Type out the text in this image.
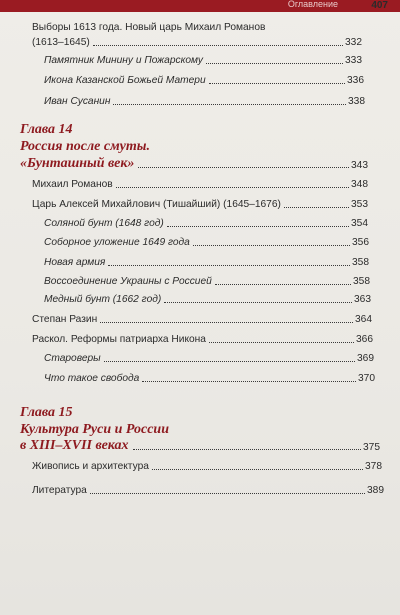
Оглавление	407
Выборы 1613 года. Новый царь Михаил Романов
(1613–1645)	332
Памятник Минину и Пожарскому	333
Икона Казанской Божьей Матери	336
Иван Сусанин	338
Глава 14
Россия после смуты.
«Бунташный век»	343
Михаил Романов	348
Царь Алексей Михайлович (Тишайший) (1645–1676)	353
Соляной бунт (1648 год)	354
Соборное уложение 1649 года	356
Новая армия	358
Воссоединение Украины с Россией	358
Медный бунт (1662 год)	363
Степан Разин	364
Раскол. Реформы патриарха Никона	366
Староверы	369
Что такое свобода	370
Глава 15
Культура Руси и России
в XIII–XVII веках	375
Живопись и архитектура	378
Литература	389
